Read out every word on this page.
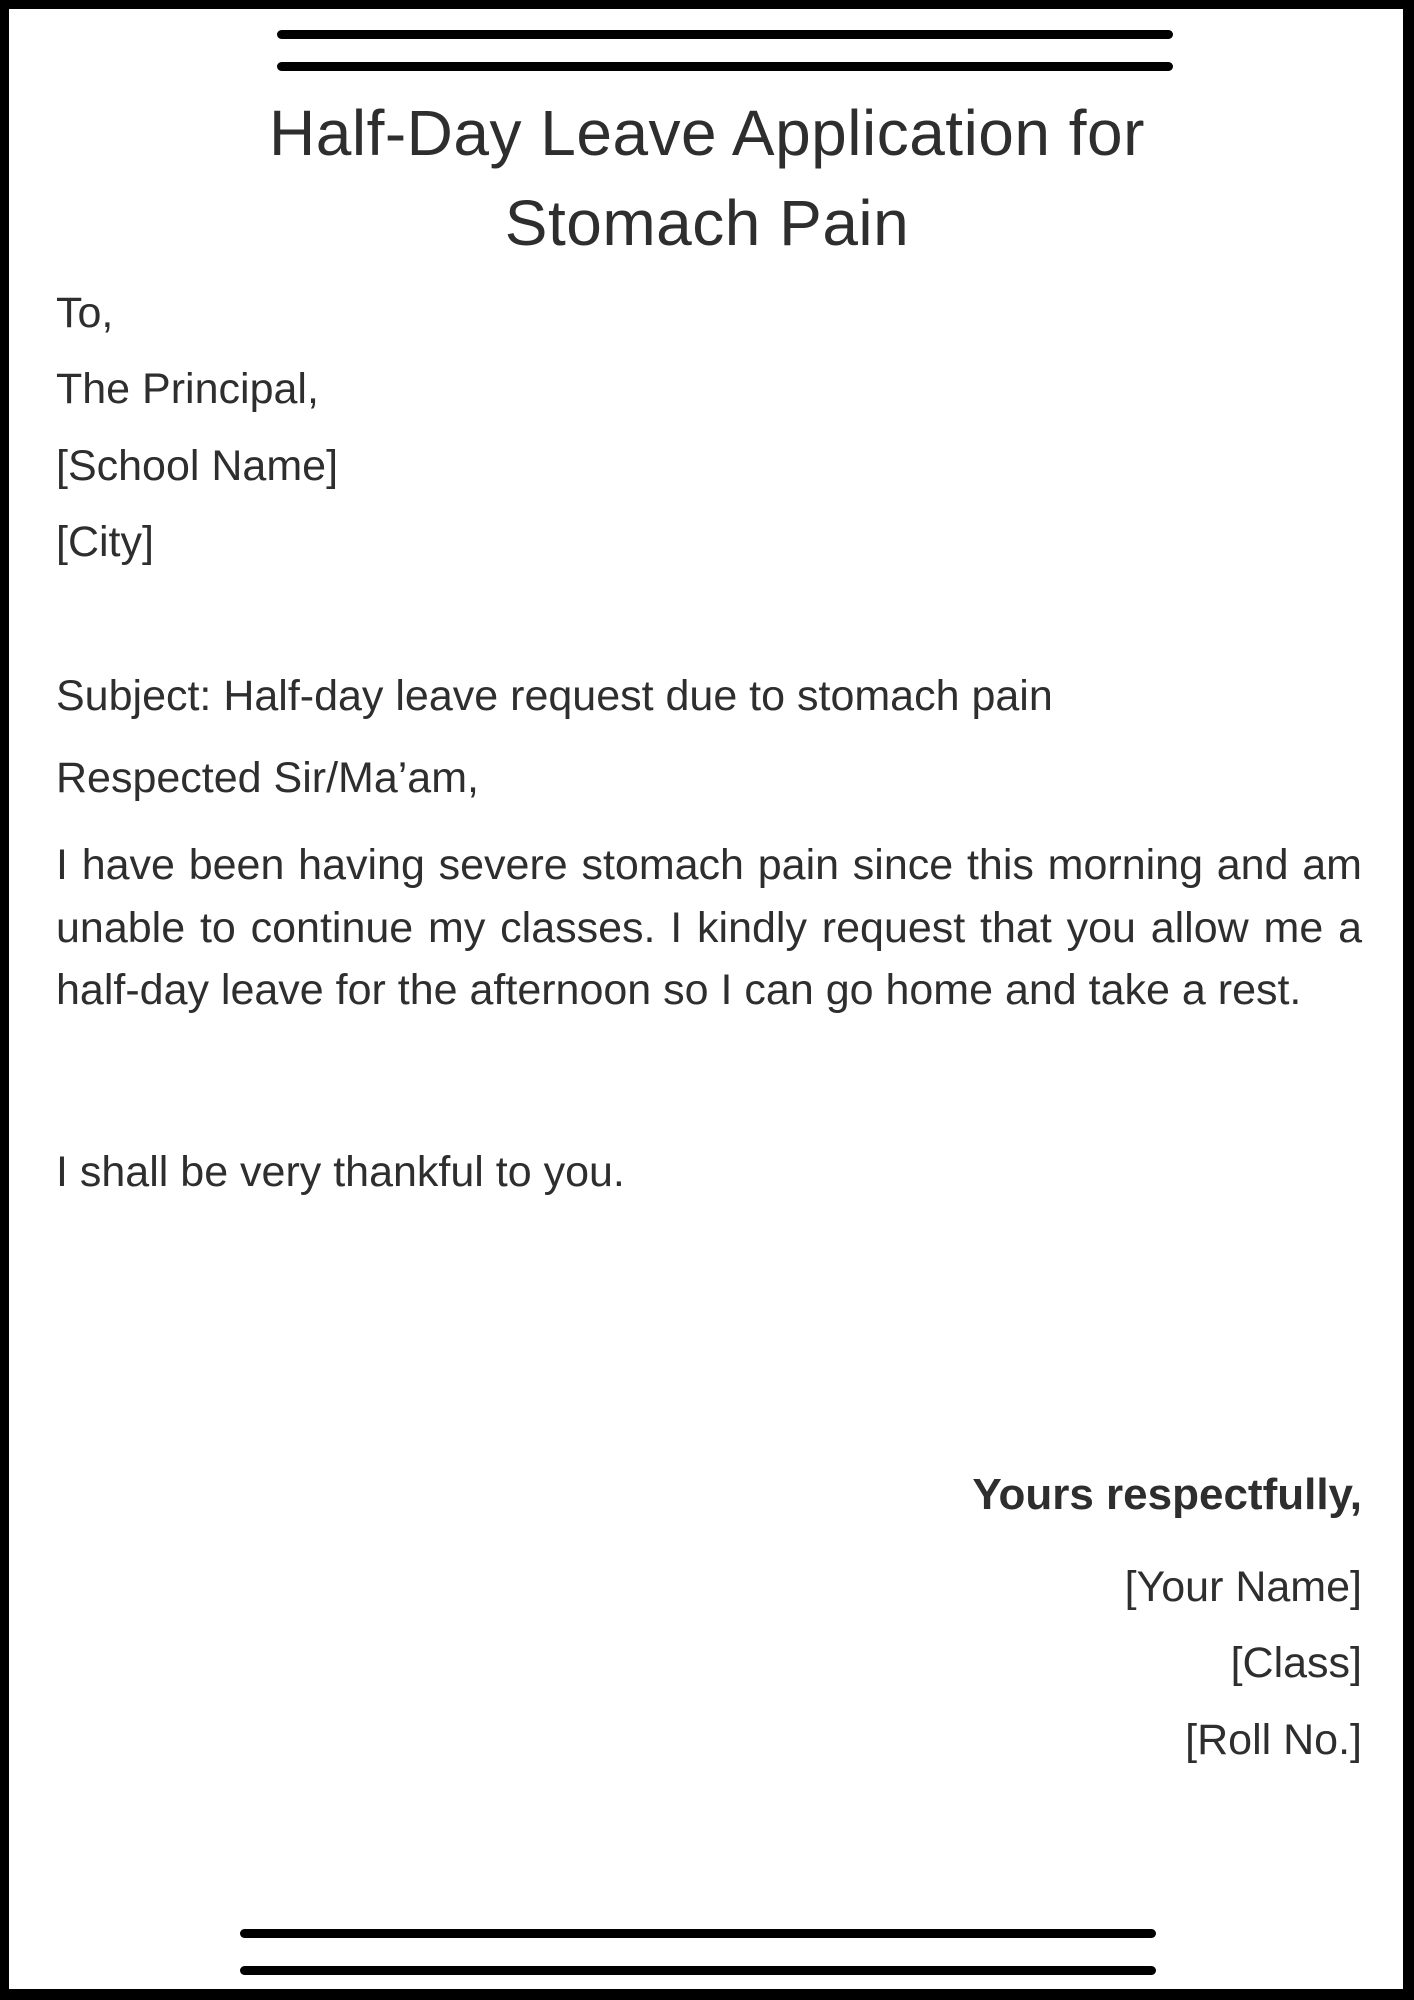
Half-Day Leave Application for
Stomach Pain
To,
The Principal,
[School Name]
[City]
Subject: Half-day leave request due to stomach pain
Respected Sir/Ma’am,
I have been having severe stomach pain since this morning and am unable to continue my classes. I kindly request that you allow me a half-day leave for the afternoon so I can go home and take a rest.
I shall be very thankful to you.
Yours respectfully,
[Your Name]
[Class]
[Roll No.]
